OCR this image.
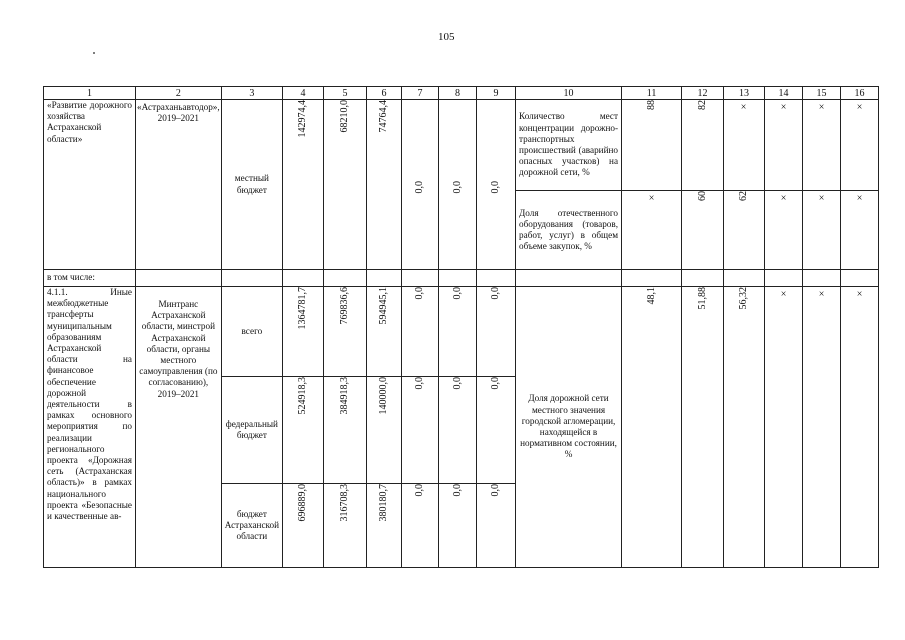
105
1	2	3	4	5	6	7	8	9	10	11	12	13	14	15	16
«Развитие дорожного хозяйства Астраханской области»	«Астраханьавтодор», 2019–2021	местный бюджет	142974,4	68210,0	74764,4	0,0	0,0	0,0	Количество мест концентрации дорожно-транспортных происшествий (аварийно опасных участков) на дорожной сети, %	88	82	×	×	×	×
									Доля отечественного оборудования (товаров, работ, услуг) в общем объеме закупок, %	×	60	62	×	×	×
в том числе:															
4.1.1. Иные межбюджетные трансферты муниципальным образованиям Астраханской области на финансовое обеспечение дорожной деятельности в рамках основного мероприятия по реализации регионального проекта «Дорожная сеть (Астраханская область)» в рамках национального проекта «Безопасные и качественные ав-	Минтранс Астраханской области, минстрой Астраханской области, органы местного самоуправления (по согласованию), 2019–2021	всего	1364781,7	769836,6	594945,1	0,0	0,0	0,0	Доля дорожной сети местного значения городской агломерации, находящейся в нормативном состоянии, %	48,1	51,88	56,32	×	×	×
		федеральный бюджет	524918,3	384918,3	140000,0	0,0	0,0	0,0							
		бюджет Астраханской области	696889,0	316708,3	380180,7	0,0	0,0	0,0							
